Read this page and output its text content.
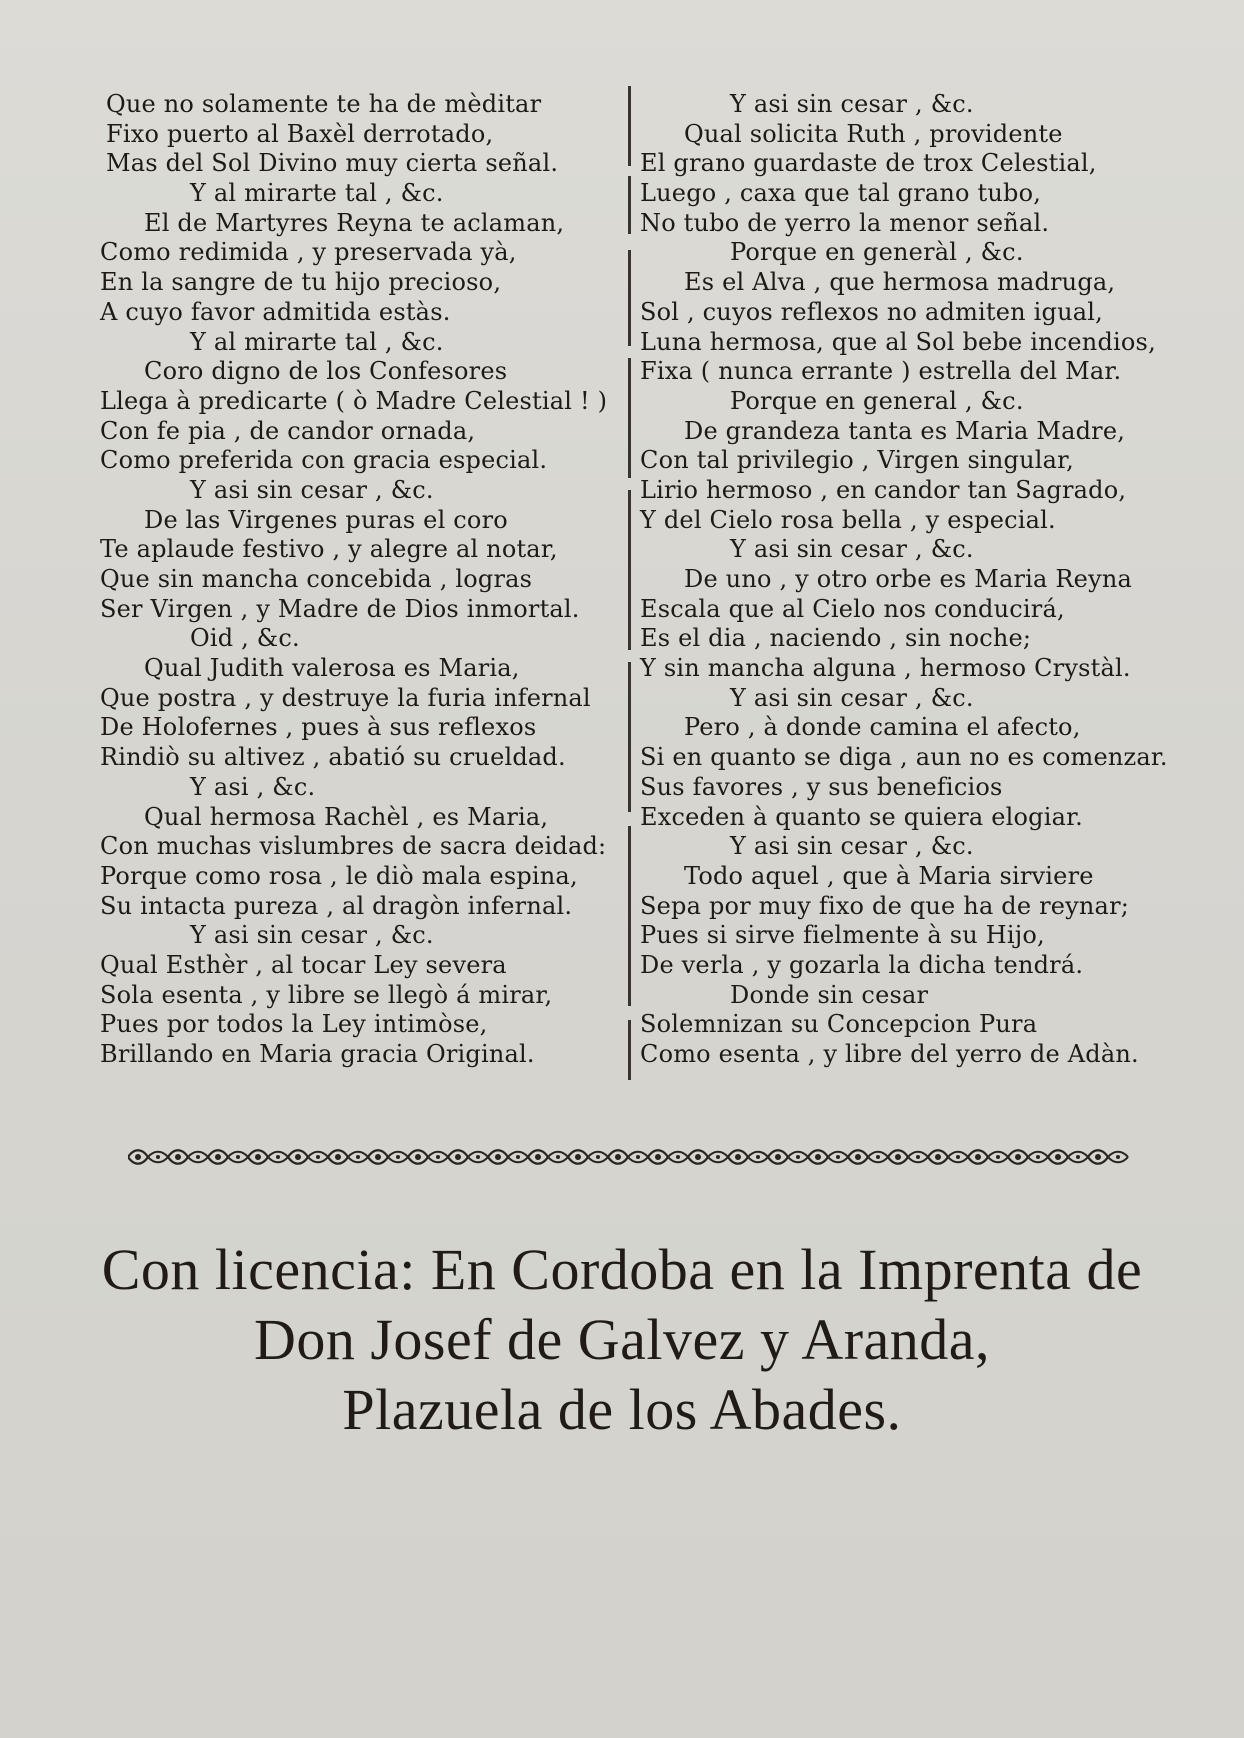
Que no solamente te ha de mèditar
Fixo puerto al Baxèl derrotado,
Mas del Sol Divino muy cierta señal.
Y al mirarte tal , &c.
El de Martyres Reyna te aclaman,
Como redimida , y preservada yà,
En la sangre de tu hijo precioso,
A cuyo favor admitida estàs.
Y al mirarte tal , &c.
Coro digno de los Confesores
Llega à predicarte ( ò Madre Celestial ! )
Con fe pia , de candor ornada,
Como preferida con gracia especial.
Y asi sin cesar , &c.
De las Virgenes puras el coro
Te aplaude festivo , y alegre al notar,
Que sin mancha concebida , logras
Ser Virgen , y Madre de Dios inmortal.
Oid , &c.
Qual Judith valerosa es Maria,
Que postra , y destruye la furia infernal
De Holofernes , pues à sus reflexos
Rindiò su altivez , abatió su crueldad.
Y asi , &c.
Qual hermosa Rachèl , es Maria,
Con muchas vislumbres de sacra deidad:
Porque como rosa , le diò mala espina,
Su intacta pureza , al dragòn infernal.
Y asi sin cesar , &c.
Qual Esthèr , al tocar Ley severa
Sola esenta , y libre se llegò á mirar,
Pues por todos la Ley intimòse,
Brillando en Maria gracia Original.
Y asi sin cesar , &c.
Qual solicita Ruth , providente
El grano guardaste de trox Celestial,
Luego , caxa que tal grano tubo,
No tubo de yerro la menor señal.
Porque en generàl , &c.
Es el Alva , que hermosa madruga,
Sol , cuyos reflexos no admiten igual,
Luna hermosa, que al Sol bebe incendios,
Fixa ( nunca errante ) estrella del Mar.
Porque en general , &c.
De grandeza tanta es Maria Madre,
Con tal privilegio , Virgen singular,
Lirio hermoso , en candor tan Sagrado,
Y del Cielo rosa bella , y especial.
Y asi sin cesar , &c.
De uno , y otro orbe es Maria Reyna
Escala que al Cielo nos conducirá,
Es el dia , naciendo , sin noche;
Y sin mancha alguna , hermoso Crystàl.
Y asi sin cesar , &c.
Pero , à donde camina el afecto,
Si en quanto se diga , aun no es comenzar.
Sus favores , y sus beneficios
Exceden à quanto se quiera elogiar.
Y asi sin cesar , &c.
Todo aquel , que à Maria sirviere
Sepa por muy fixo de que ha de reynar;
Pues si sirve fielmente à su Hijo,
De verla , y gozarla la dicha tendrá.
Donde sin cesar
Solemnizan su Concepcion Pura
Como esenta , y libre del yerro de Adàn.
Con licencia: En Cordoba en la Imprenta de
Don Josef de Galvez y Aranda,
Plazuela de los Abades.
